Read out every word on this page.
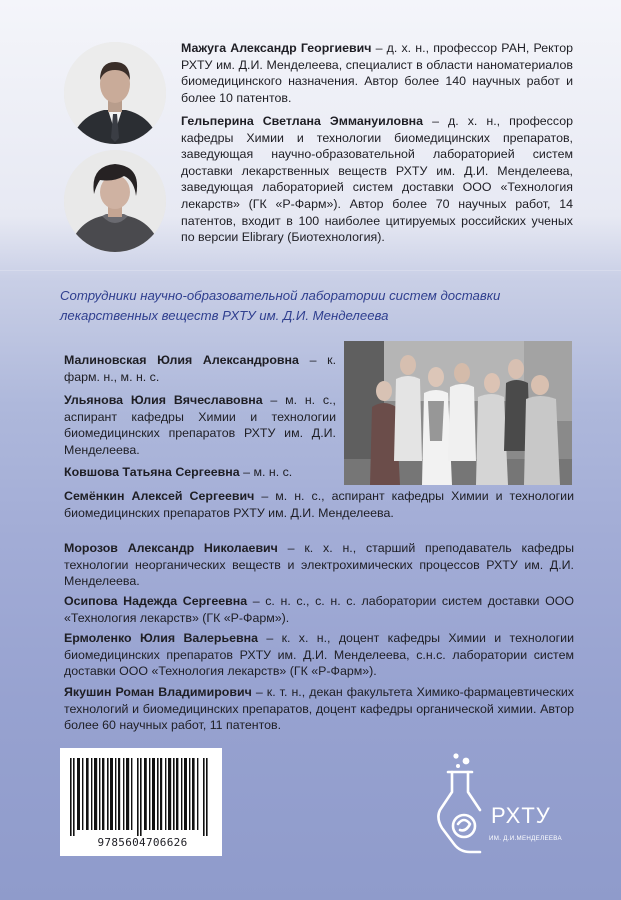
Мажуга Александр Георгиевич – д. х. н., профессор РАН, Ректор РХТУ им. Д.И. Менделеева, специалист в области наноматериалов биомедицинского назначения. Автор более 140 научных работ и более 10 патентов.

Гельперина Светлана Эммануиловна – д. х. н., профессор кафедры Химии и технологии биомедицинских препаратов, заведующая научно-образовательной лабораторией систем доставки лекарственных веществ РХТУ им. Д.И. Менделеева, заведующая лабораторией систем доставки ООО «Технология лекарств» (ГК «Р-Фарм»). Автор более 70 научных работ, 14 патентов, входит в 100 наиболее цитируемых российских ученых по версии Elibrary (Биотехнология).

Сотрудники научно-образовательной лаборатории систем доставки
лекарственных веществ РХТУ им. Д.И. Менделеева

Малиновская Юлия Александровна – к. фарм. н., м. н. с.

Ульянова Юлия Вячеславовна – м. н. с., аспирант кафедры Химии и технологии биомедицинских препаратов РХТУ им. Д.И. Менделеева.

Ковшова Татьяна Сергеевна – м. н. с.

Семёнкин Алексей Сергеевич – м. н. с., аспирант кафедры Химии и технологии биомедицинских препаратов РХТУ им. Д.И. Менделеева.

Морозов Александр Николаевич – к. х. н., старший преподаватель кафедры технологии неорганических веществ и электрохимических процессов РХТУ им. Д.И. Менделеева.

Осипова Надежда Сергеевна – с. н. с., с. н. с. лаборатории систем доставки ООО «Технология лекарств» (ГК «Р-Фарм»).

Ермоленко Юлия Валерьевна – к. х. н., доцент кафедры Химии и технологии биомедицинских препаратов РХТУ им. Д.И. Менделеева, с.н.с. лаборатории систем доставки ООО «Технология лекарств» (ГК «Р-Фарм»).

Якушин Роман Владимирович – к. т. н., декан факультета Химико-фармацевтических технологий и биомедицинских препаратов, доцент кафедры органической химии. Автор более 60 научных работ, 11 патентов.

9785604706626
РХТУ
ИМ. Д.И.МЕНДЕЛЕЕВА
